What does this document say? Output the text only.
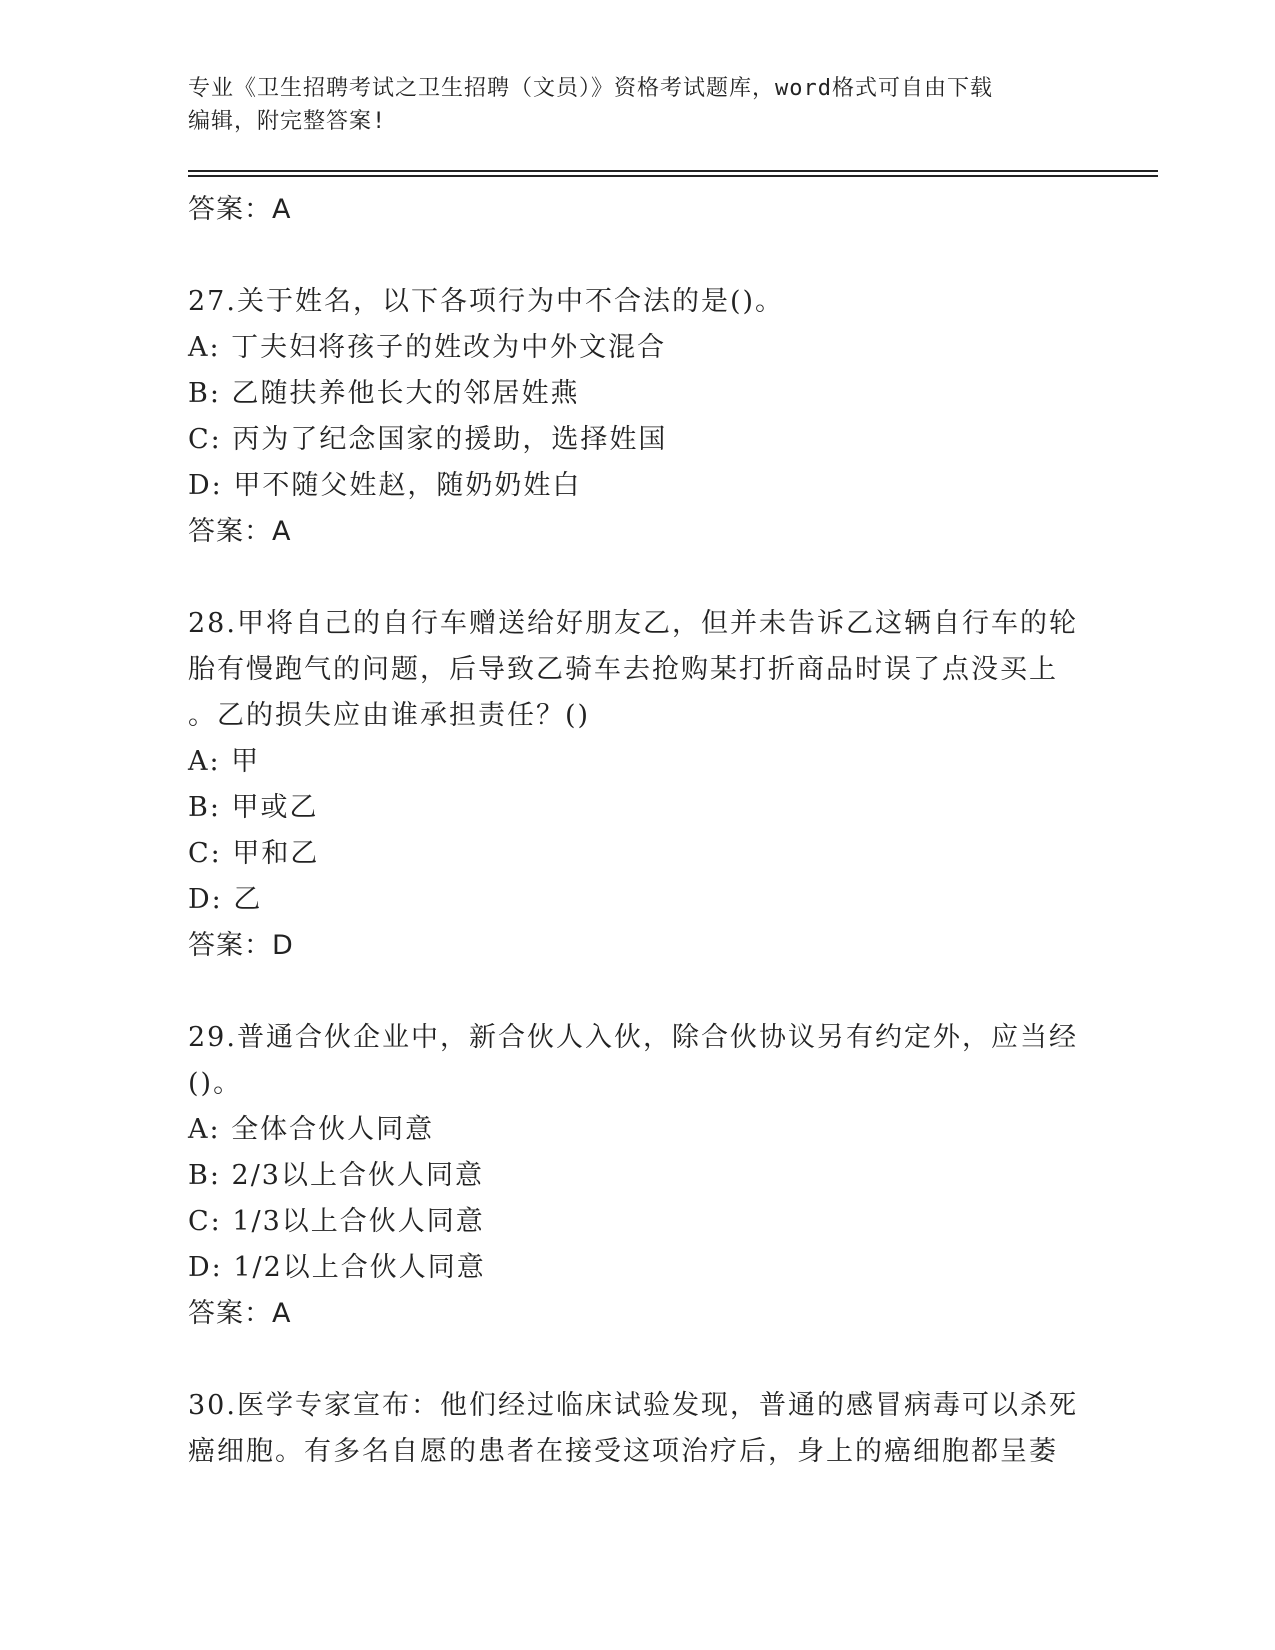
专业《卫生招聘考试之卫生招聘（文员）》资格考试题库，word格式可自由下载
编辑，附完整答案!
答案：A
27.关于姓名，以下各项行为中不合法的是()。
A: 丁夫妇将孩子的姓改为中外文混合
B: 乙随扶养他长大的邻居姓燕
C: 丙为了纪念国家的援助，选择姓国
D: 甲不随父姓赵，随奶奶姓白
答案：A
28.甲将自己的自行车赠送给好朋友乙，但并未告诉乙这辆自行车的轮
胎有慢跑气的问题，后导致乙骑车去抢购某打折商品时误了点没买上
。乙的损失应由谁承担责任？()
A: 甲
B: 甲或乙
C: 甲和乙
D: 乙
答案：D
29.普通合伙企业中，新合伙人入伙，除合伙协议另有约定外，应当经
()。
A: 全体合伙人同意
B: 2/3以上合伙人同意
C: 1/3以上合伙人同意
D: 1/2以上合伙人同意
答案：A
30.医学专家宣布：他们经过临床试验发现，普通的感冒病毒可以杀死
癌细胞。有多名自愿的患者在接受这项治疗后，身上的癌细胞都呈萎
